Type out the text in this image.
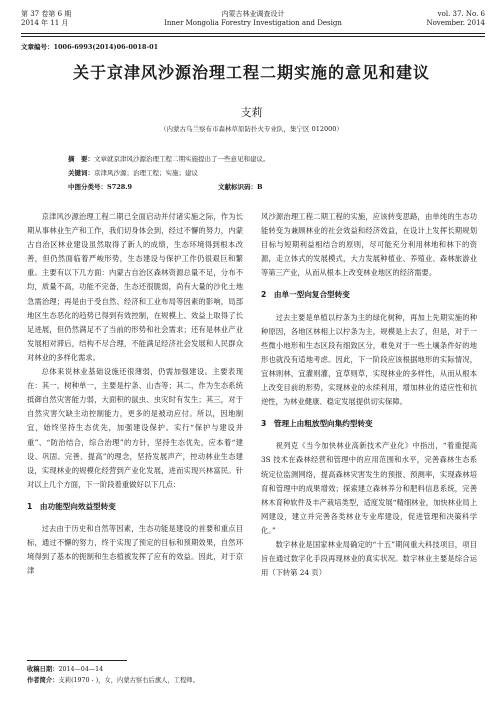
第 37 卷第 6 期
2014 年 11 月
内蒙古林业调查设计
Inner Mongolia Forestry Investigation and Design
vol. 37. No. 6
November. 2014
文章编号：1006-6993(2014)06-0018-01
关于京津风沙源治理工程二期实施的意见和建议
支莉
（内蒙古乌兰察布市森林草原防扑火专业队，集宁区 012000）
摘　要：文章就京津风沙源治理工程二期实施提出了一些意见和建议。
关键词：京津风沙源；治理工程；实施；建议
中图分类号：S728.9	文献标识码：B

京津风沙源治理工程二期已全面启动并付诸实施之际，作为长期从事林业生产和工作，我们切身体会到，经过不懈的努力，内蒙古自治区林业建设虽然取得了新人的成绩，生态环境得到根本改善，但仍然面临着严峻形势，生态建设与保护工作仍很艰巨和繁重。主要有以下几方面：内蒙古自治区森林资源总量不足，分布不均，质量不高，功能不完备，生态还很脆弱，尚有大量的沙化土地急需治理；再是由于受自然、经济和工业布局等因素的影响，局部地区生态恶化的趋势已得到有效控制，在规模上、效益上取得了长足进展，但仍然满足不了当前的形势和社会需求；还有是林业产业发展相对滞后，结构不尽合理，不能满足经济社会发展和人民群众对林业的多样化需求。

总体来说林业基础设施还很薄弱，仍需加强建设。主要表现在：其一，树种单一，主要是柠条、山杏等；其二，作为生态系统抵御自然灾害能力弱，大面积的鼠虫、虫灾时有发生；其三，对于自然灾害欠缺主动控制能力，更多的是被动应付。所以，因地制宜，始终坚持生态优先，加强建设保护。实行“保护与建设并重”、“防治结合，综合治理”的方针，坚持生态优先，应本着“建设、巩固、完善、提高”的理念，坚持发展声产，控动林业生态建设，实现林业的规模化经营到产业化发展，进而实现兴林富民。针对以上几个方面，下一阶段着重做好以下几点：

1　由功能型向效益型转变

过去由于历史和自然等因素，生态功能是建设的首要和重点目标，通过不懈的努力，终于实现了预定的目标和预期效果，自然环境得到了基本的扼制和生态植被发挥了应有的效益。因此，对于京津

风沙源治理工程二期工程的实施，应该转变思路，由单纯的生态功能转变为兼顾林业的社会效益和经济效益，在设计上发挥长期规划目标与短期利益相结合的原则，尽可能充分利用林地和林下的资源，走立体式的发展模式，大力发展种植业、养殖业、森林旅游业等第三产业，从而从根本上改变林业地区的经济需要。

2　由单一型向复合型转变

过去主要是单植以柠条为主的绿化树种，再加上先期实施的种种原因，各地区林相上以柠条为主，规模是上去了，但是，对于一些微小地形和生态区段有细致区分，难免对于一些土壤条件好的地形也就没有适地考虑。因此，下一阶段应该根据地形的实际情况，宜林则林，宜灌则灌，宜草则草，实现林业的多样性，从而从根本上改变目前的形势，实现林业的永续利用，增加林业的适应性和抗逆性，为林业健康、稳定发展提供切实保障。

3　管理上由粗放型向集约型转变

祝列克《当今加快林业高新技术产业化》中指出，“着重提高 3S 技术在森林经营和管理中的应用范围和水平，完善森林生态系统定位监测网络，提高森林灾害发生的预报、预测率，实现森林培育和管理中的成果增效；探索建立森林养分和肥料信息系统，完善林木育种软件及丰产栽培类型，适度发展“精细林业，加快林业局上网建设，建立并完善各类林业专业库建设，促进管理和决策科学化。”

数字林业是国家林业局确定的“十五”期间重大科技项目，项目旨在通过数字化手段再现林业的真实状况。数字林业主要是综合运用（下转第 24 页）

收稿日期：2014—04—14
作者简介：支莉(1970 - )，女，内蒙古察右后旗人，工程师。
